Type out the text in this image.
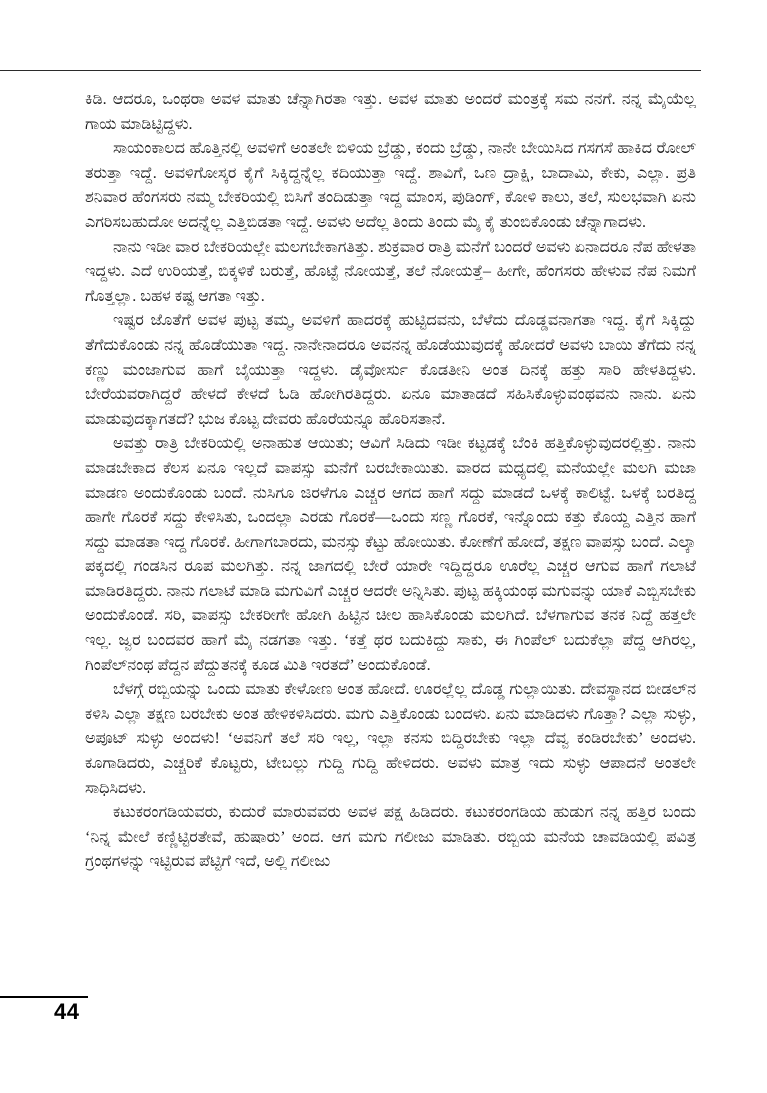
ಕಿಡಿ. ಆದರೂ, ಒಂಥರಾ ಅವಳ ಮಾತು ಚೆನ್ನಾಗಿರತಾ ಇತ್ತು. ಅವಳ ಮಾತು ಅಂದರೆ ಮಂತ್ರಕ್ಕೆ ಸಮ ನನಗೆ. ನನ್ನ ಮೈಯೆಲ್ಲ ಗಾಯ ಮಾಡಿಟ್ಟಿದ್ದಳು.

ಸಾಯಂಕಾಲದ ಹೊತ್ತಿನಲ್ಲಿ ಅವಳಿಗೆ ಅಂತಲೇ ಬಿಳಿಯ ಬ್ರೆಡ್ಡು, ಕಂದು ಬ್ರೆಡ್ಡು, ನಾನೇ ಬೇಯಿಸಿದ ಗಸಗಸೆ ಹಾಕಿದ ರೋಲ್ ತರುತ್ತಾ ಇದ್ದೆ. ಅವಳಿಗೋಸ್ಕರ ಕೈಗೆ ಸಿಕ್ಕಿದ್ದನ್ನೆಲ್ಲ ಕದಿಯುತ್ತಾ ಇದ್ದೆ. ಶಾವಿಗೆ, ಒಣ ದ್ರಾಕ್ಷಿ, ಬಾದಾಮಿ, ಕೇಕು, ಎಲ್ಲಾ. ಪ್ರತಿ ಶನಿವಾರ ಹೆಂಗಸರು ನಮ್ಮ ಬೇಕರಿಯಲ್ಲಿ ಬಿಸಿಗೆ ತಂದಿಡುತ್ತಾ ಇದ್ದ ಮಾಂಸ, ಪುಡಿಂಗ್, ಕೋಳಿ ಕಾಲು, ತಲೆ, ಸುಲಭವಾಗಿ ಏನು ಎಗರಿಸಬಹುದೋ ಅದನ್ನೆಲ್ಲ ಎತ್ತಿಬಿಡತಾ ಇದ್ದೆ. ಅವಳು ಅದೆಲ್ಲ ತಿಂದು ತಿಂದು ಮೈ ಕೈ ತುಂಬಿಕೊಂಡು ಚೆನ್ನಾಗಾದಳು.

ನಾನು ಇಡೀ ವಾರ ಬೇಕರಿಯಲ್ಲೇ ಮಲಗಬೇಕಾಗತಿತ್ತು. ಶುಕ್ರವಾರ ರಾತ್ರಿ ಮನೆಗೆ ಬಂದರೆ ಅವಳು ಏನಾದರೂ ನೆಪ ಹೇಳತಾ ಇದ್ದಳು. ಎದೆ ಉರಿಯತ್ತೆ, ಬಿಕ್ಕಳಿಕೆ ಬರುತ್ತೆ, ಹೊಟ್ಟೆ ನೋಯತ್ತೆ, ತಲೆ ನೋಯತ್ತೆ– ಹೀಗೇ, ಹೆಂಗಸರು ಹೇಳುವ ನೆಪ ನಿಮಗೆ ಗೊತ್ತಲ್ಲಾ. ಬಹಳ ಕಷ್ಟ ಆಗತಾ ಇತ್ತು.

ಇಷ್ಟರ ಜೊತೆಗೆ ಅವಳ ಪುಟ್ಟ ತಮ್ಮ, ಅವಳಿಗೆ ಹಾದರಕ್ಕೆ ಹುಟ್ಟಿದವನು, ಬೆಳೆದು ದೊಡ್ಡವನಾಗತಾ ಇದ್ದ. ಕೈಗೆ ಸಿಕ್ಕಿದ್ದು ತೆಗೆದುಕೊಂಡು ನನ್ನ ಹೊಡೆಯುತಾ ಇದ್ದ. ನಾನೇನಾದರೂ ಅವನನ್ನ ಹೊಡೆಯುವುದಕ್ಕೆ ಹೋದರೆ ಅವಳು ಬಾಯಿ ತೆಗೆದು ನನ್ನ ಕಣ್ಣು ಮಂಜಾಗುವ ಹಾಗೆ ಬೈಯುತ್ತಾ ಇದ್ದಳು. ಡೈವೋರ್ಸು ಕೊಡತೀನಿ ಅಂತ ದಿನಕ್ಕೆ ಹತ್ತು ಸಾರಿ ಹೇಳತಿದ್ದಳು. ಬೇರೆಯವರಾಗಿದ್ದರೆ ಹೇಳದೆ ಕೇಳದೆ ಓಡಿ ಹೋಗಿರತಿದ್ದರು. ಏನೂ ಮಾತಾಡದೆ ಸಹಿಸಿಕೊಳ್ಳುವಂಥವನು ನಾನು. ಏನು ಮಾಡುವುದಕ್ಕಾಗತದೆ? ಭುಜ ಕೊಟ್ಟ ದೇವರು ಹೊರೆಯನ್ನೂ ಹೊರಿಸತಾನೆ.

ಅವತ್ತು ರಾತ್ರಿ ಬೇಕರಿಯಲ್ಲಿ ಅನಾಹುತ ಆಯಿತು; ಆವಿಗೆ ಸಿಡಿದು ಇಡೀ ಕಟ್ಟಡಕ್ಕೆ ಬೆಂಕಿ ಹತ್ತಿಕೊಳ್ಳುವುದರಲ್ಲಿತ್ತು. ನಾನು ಮಾಡಬೇಕಾದ ಕೆಲಸ ಏನೂ ಇಲ್ಲದೆ ವಾಪಸ್ಸು ಮನೆಗೆ ಬರಬೇಕಾಯಿತು. ವಾರದ ಮಧ್ಯದಲ್ಲಿ ಮನೆಯಲ್ಲೇ ಮಲಗಿ ಮಜಾ ಮಾಡಣ ಅಂದುಕೊಂಡು ಬಂದೆ. ನುಸಿಗೂ ಜಿರಳೆಗೂ ಎಚ್ಚರ ಆಗದ ಹಾಗೆ ಸದ್ದು ಮಾಡದೆ ಒಳಕ್ಕೆ ಕಾಲಿಟ್ಟೆ. ಒಳಕ್ಕೆ ಬರತಿದ್ದ ಹಾಗೇ ಗೊರಕೆ ಸದ್ದು ಕೇಳಿಸಿತು, ಒಂದಲ್ಲಾ ಎರಡು ಗೊರಕೆ—ಒಂದು ಸಣ್ಣ ಗೊರಕೆ, ಇನ್ನೊಂದು ಕತ್ತು ಕೊಯ್ದ ಎತ್ತಿನ ಹಾಗೆ ಸದ್ದು ಮಾಡತಾ ಇದ್ದ ಗೊರಕೆ. ಹೀಗಾಗಬಾರದು, ಮನಸ್ಸು ಕೆಟ್ಟು ಹೋಯಿತು. ಕೋಣೆಗೆ ಹೋದೆ, ತಕ್ಷಣ ವಾಪಸ್ಸು ಬಂದೆ. ಎಲ್ಕಾ ಪಕ್ಕದಲ್ಲಿ ಗಂಡಸಿನ ರೂಪ ಮಲಗಿತ್ತು. ನನ್ನ ಜಾಗದಲ್ಲಿ ಬೇರೆ ಯಾರೇ ಇದ್ದಿದ್ದರೂ ಊರೆಲ್ಲ ಎಚ್ಚರ ಆಗುವ ಹಾಗೆ ಗಲಾಟೆ ಮಾಡಿರತಿದ್ದರು. ನಾನು ಗಲಾಟೆ ಮಾಡಿ ಮಗುವಿಗೆ ಎಚ್ಚರ ಆದರೇ ಅನ್ನಿಸಿತು. ಪುಟ್ಟ ಹಕ್ಕಿಯಂಥ ಮಗುವನ್ನು ಯಾಕೆ ಎಬ್ಬಿಸಬೇಕು ಅಂದುಕೊಂಡೆ. ಸರಿ, ವಾಪಸ್ಸು ಬೇಕರೀಗೇ ಹೋಗಿ ಹಿಟ್ಟಿನ ಚೀಲ ಹಾಸಿಕೊಂಡು ಮಲಗಿದೆ. ಬೆಳಗಾಗುವ ತನಕ ನಿದ್ದೆ ಹತ್ತಲೇ ಇಲ್ಲ. ಜ್ವರ ಬಂದವರ ಹಾಗೆ ಮೈ ನಡಗತಾ ಇತ್ತು. ‘ಕತ್ತೆ ಥರ ಬದುಕಿದ್ದು ಸಾಕು, ಈ ಗಿಂಪೆಲ್ ಬದುಕೆಲ್ಲಾ ಪೆದ್ದ ಆಗಿರಲ್ಲ, ಗಿಂಪೆಲ್‌ನಂಥ ಪೆದ್ದನ ಪೆದ್ದುತನಕ್ಕೆ ಕೂಡ ಮಿತಿ ಇರತದೆ’ ಅಂದುಕೊಂಡೆ.

ಬೆಳಗ್ಗೆ ರಬ್ಬಿಯನ್ನು ಒಂದು ಮಾತು ಕೇಳೋಣ ಅಂತ ಹೋದೆ. ಊರಲ್ಲೆಲ್ಲ ದೊಡ್ಡ ಗುಲ್ಲಾಯಿತು. ದೇವಸ್ಥಾನದ ಬೀಡಲ್‌ನ ಕಳಿಸಿ ಎಲ್ಲಾ ತಕ್ಷಣ ಬರಬೇಕು ಅಂತ ಹೇಳಿಕಳಿಸಿದರು. ಮಗು ಎತ್ತಿಕೊಂಡು ಬಂದಳು. ಏನು ಮಾಡಿದಳು ಗೊತ್ತಾ? ಎಲ್ಲಾ ಸುಳ್ಳು, ಅಪೂಟ್ ಸುಳ್ಳು ಅಂದಳು! ‘ಅವನಿಗೆ ತಲೆ ಸರಿ ಇಲ್ಲ, ಇಲ್ಲಾ ಕನಸು ಬಿದ್ದಿರಬೇಕು ಇಲ್ಲಾ ದೆವ್ವ ಕಂಡಿರಬೇಕು’ ಅಂದಳು. ಕೂಗಾಡಿದರು, ಎಚ್ಚರಿಕೆ ಕೊಟ್ಟರು, ಟೇಬಲ್ಲು ಗುದ್ದಿ ಗುದ್ದಿ ಹೇಳಿದರು. ಅವಳು ಮಾತ್ರ ಇದು ಸುಳ್ಳು ಆಪಾದನೆ ಅಂತಲೇ ಸಾಧಿಸಿದಳು.

ಕಟುಕರಂಗಡಿಯವರು, ಕುದುರೆ ಮಾರುವವರು ಅವಳ ಪಕ್ಷ ಹಿಡಿದರು. ಕಟುಕರಂಗಡಿಯ ಹುಡುಗ ನನ್ನ ಹತ್ತಿರ ಬಂದು ‘ನಿನ್ನ ಮೇಲೆ ಕಣ್ಣಿಟ್ಟಿರತೇವೆ, ಹುಷಾರು’ ಅಂದ. ಆಗ ಮಗು ಗಲೀಜು ಮಾಡಿತು. ರಬ್ಬಿಯ ಮನೆಯ ಚಾವಡಿಯಲ್ಲಿ ಪವಿತ್ರ ಗ್ರಂಥಗಳನ್ನು ಇಟ್ಟಿರುವ ಪೆಟ್ಟಿಗೆ ಇದೆ, ಅಲ್ಲಿ ಗಲೀಜು

44
